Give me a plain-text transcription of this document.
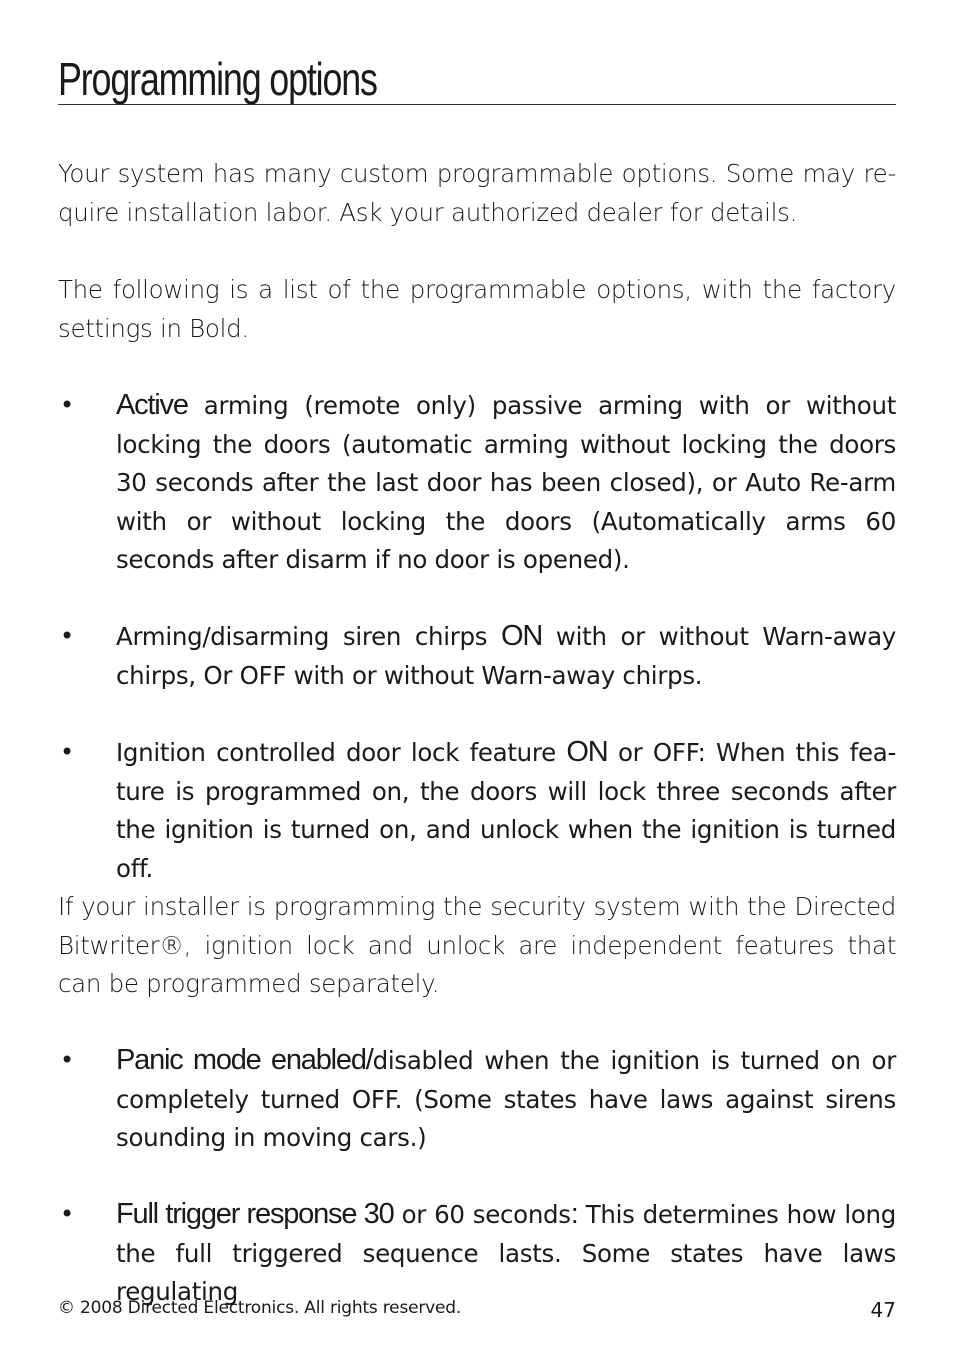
Programming options

Your system has many custom programmable options. Some may re-quire installation labor. Ask your authorized dealer for details.

The following is a list of the programmable options, with the factory settings in Bold.

• Active arming (remote only) passive arming with or without locking the doors (automatic arming without locking the doors 30 seconds after the last door has been closed), or Auto Re-arm with or without locking the doors (Automatically arms 60 seconds after disarm if no door is opened).

• Arming/disarming siren chirps ON with or without Warn-away chirps, Or OFF with or without Warn-away chirps.

• Ignition controlled door lock feature ON or OFF: When this fea-ture is programmed on, the doors will lock three seconds after the ignition is turned on, and unlock when the ignition is turned off.

If your installer is programming the security system with the Directed Bitwriter®, ignition lock and unlock are independent features that can be programmed separately.

• Panic mode enabled/disabled when the ignition is turned on or completely turned OFF. (Some states have laws against sirens sounding in moving cars.)

• Full trigger response 30 or 60 seconds: This determines how long the full triggered sequence lasts. Some states have laws regulating

© 2008 Directed Electronics. All rights reserved.	47
